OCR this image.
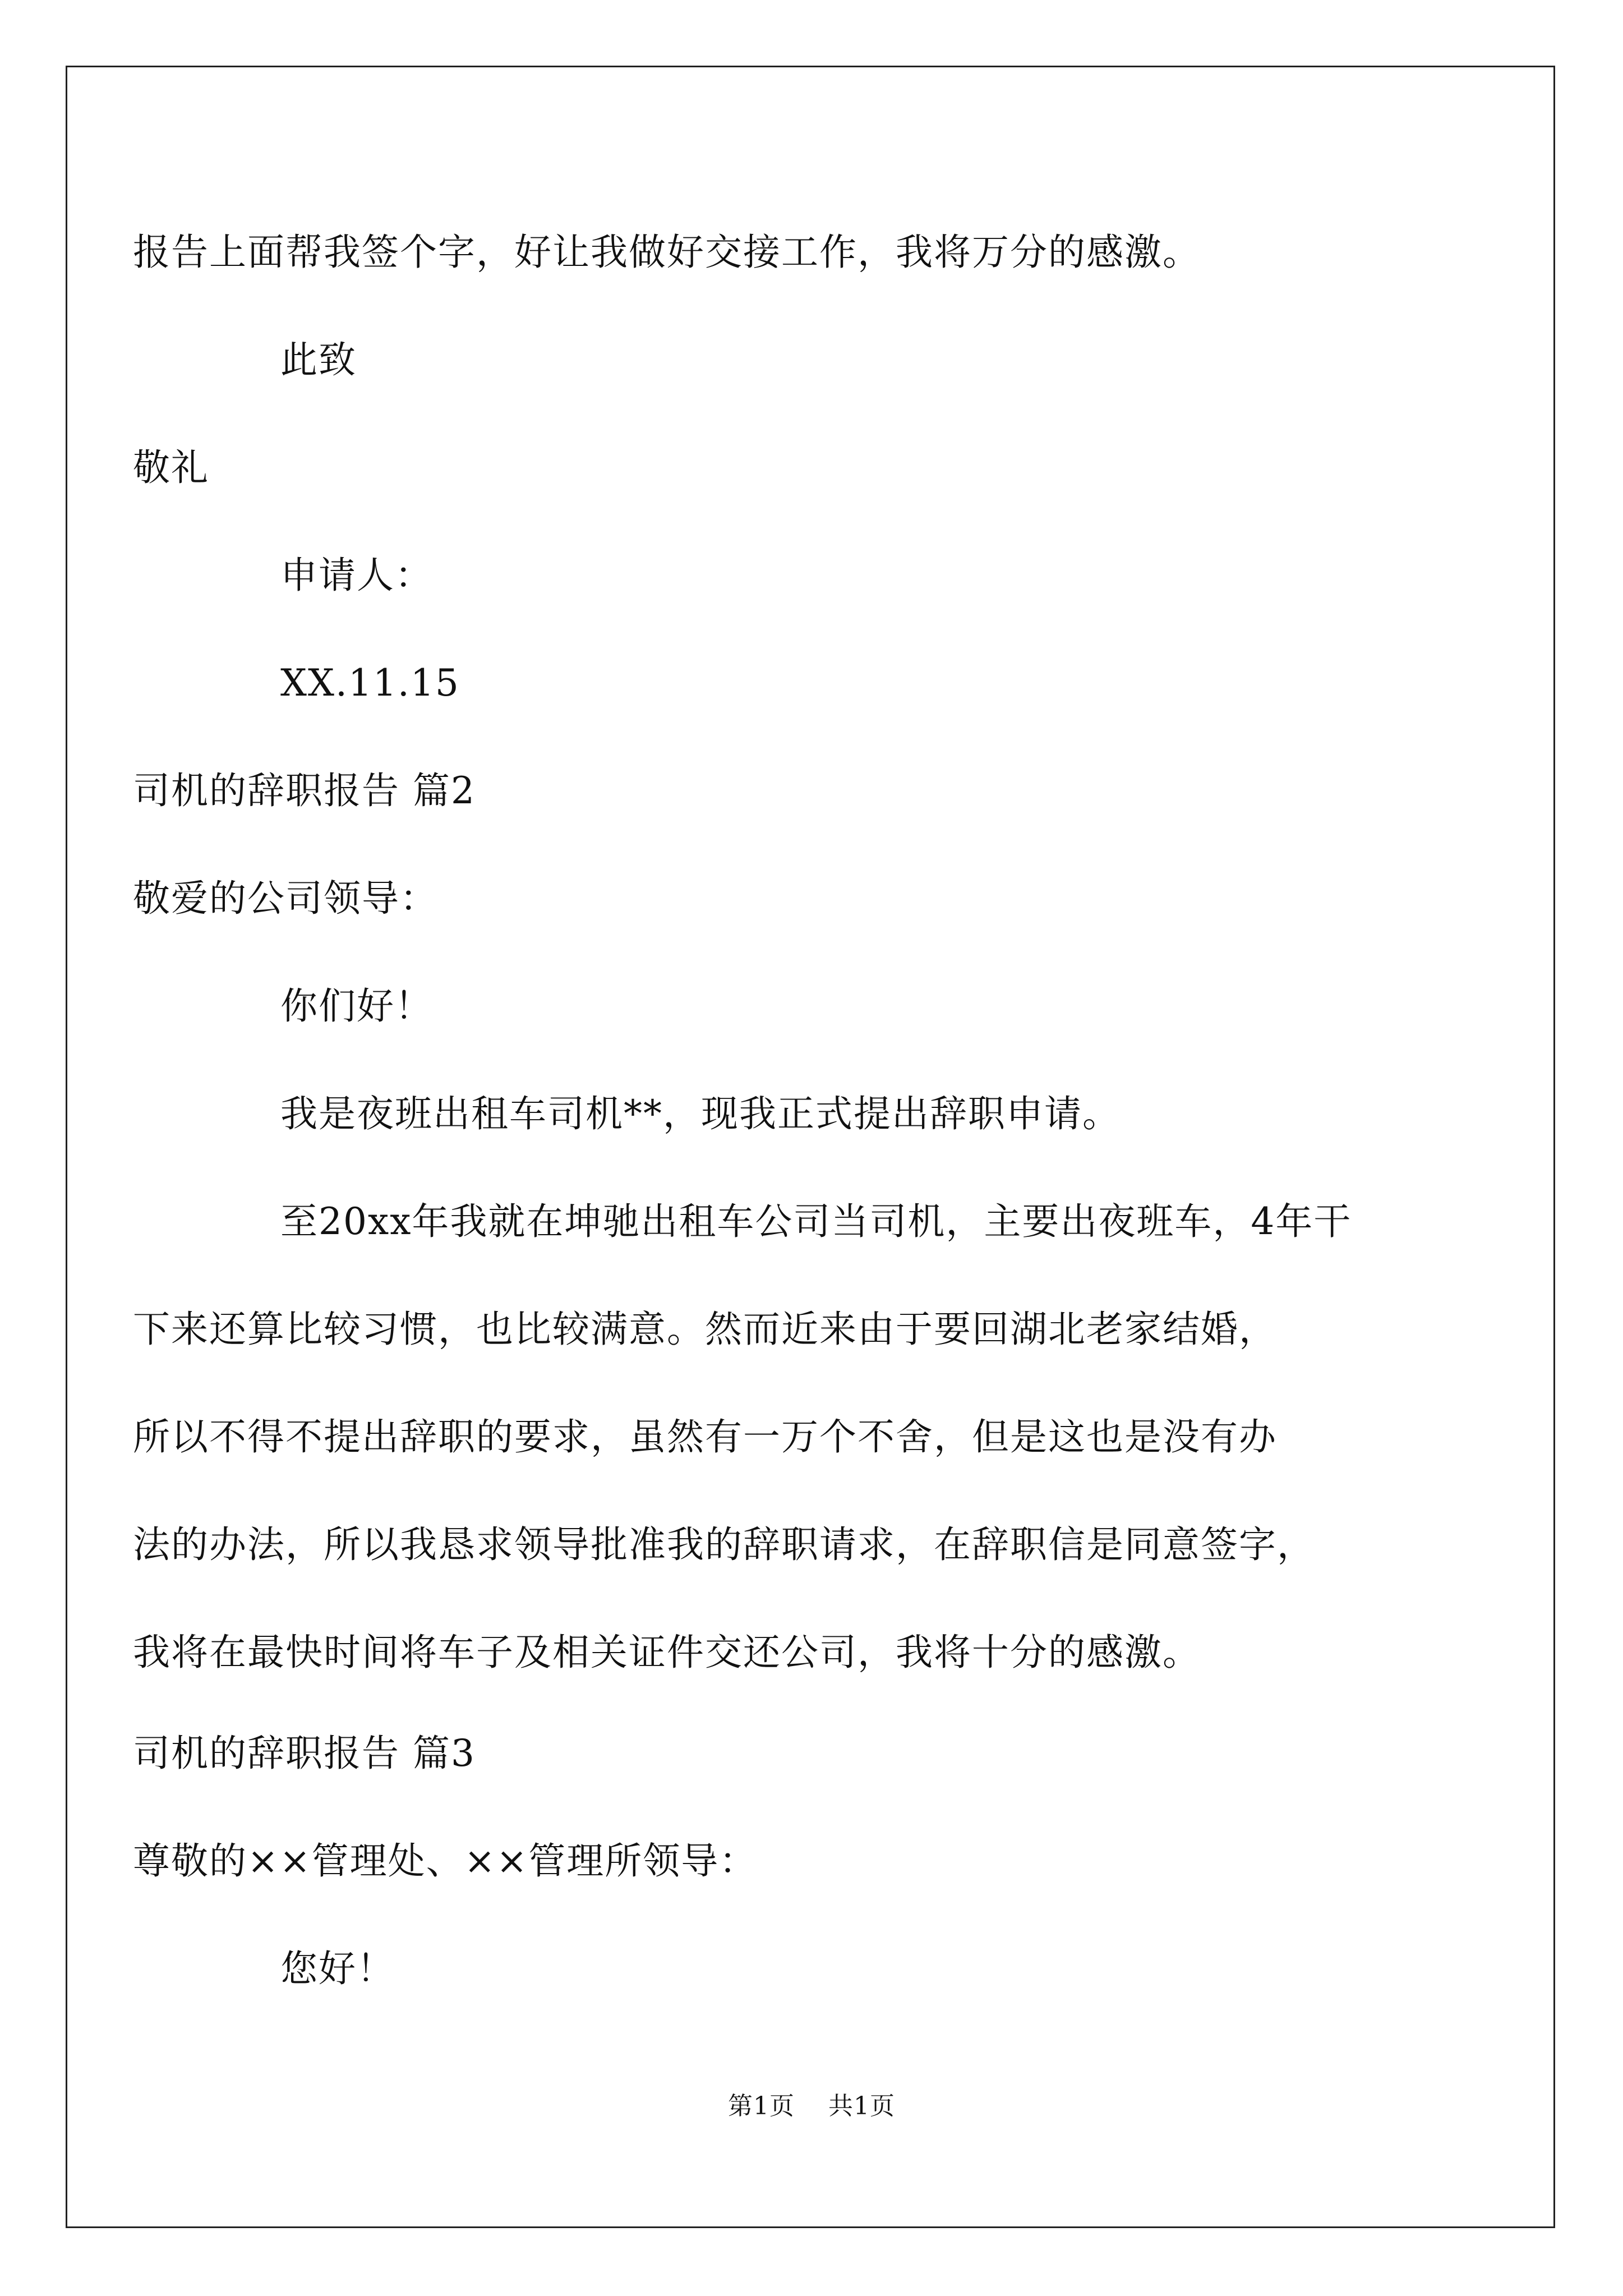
报告上面帮我签个字，好让我做好交接工作，我将万分的感激。
此致
敬礼
申请人：
XX.11.15
司机的辞职报告 篇2
敬爱的公司领导：
你们好！
我是夜班出租车司机**，现我正式提出辞职申请。
至20xx年我就在坤驰出租车公司当司机，主要出夜班车，4年干
下来还算比较习惯，也比较满意。然而近来由于要回湖北老家结婚，
所以不得不提出辞职的要求，虽然有一万个不舍，但是这也是没有办
法的办法，所以我恳求领导批准我的辞职请求，在辞职信是同意签字，
我将在最快时间将车子及相关证件交还公司，我将十分的感激。
司机的辞职报告 篇3
尊敬的××管理处、××管理所领导：
您好！
第1页 共1页
